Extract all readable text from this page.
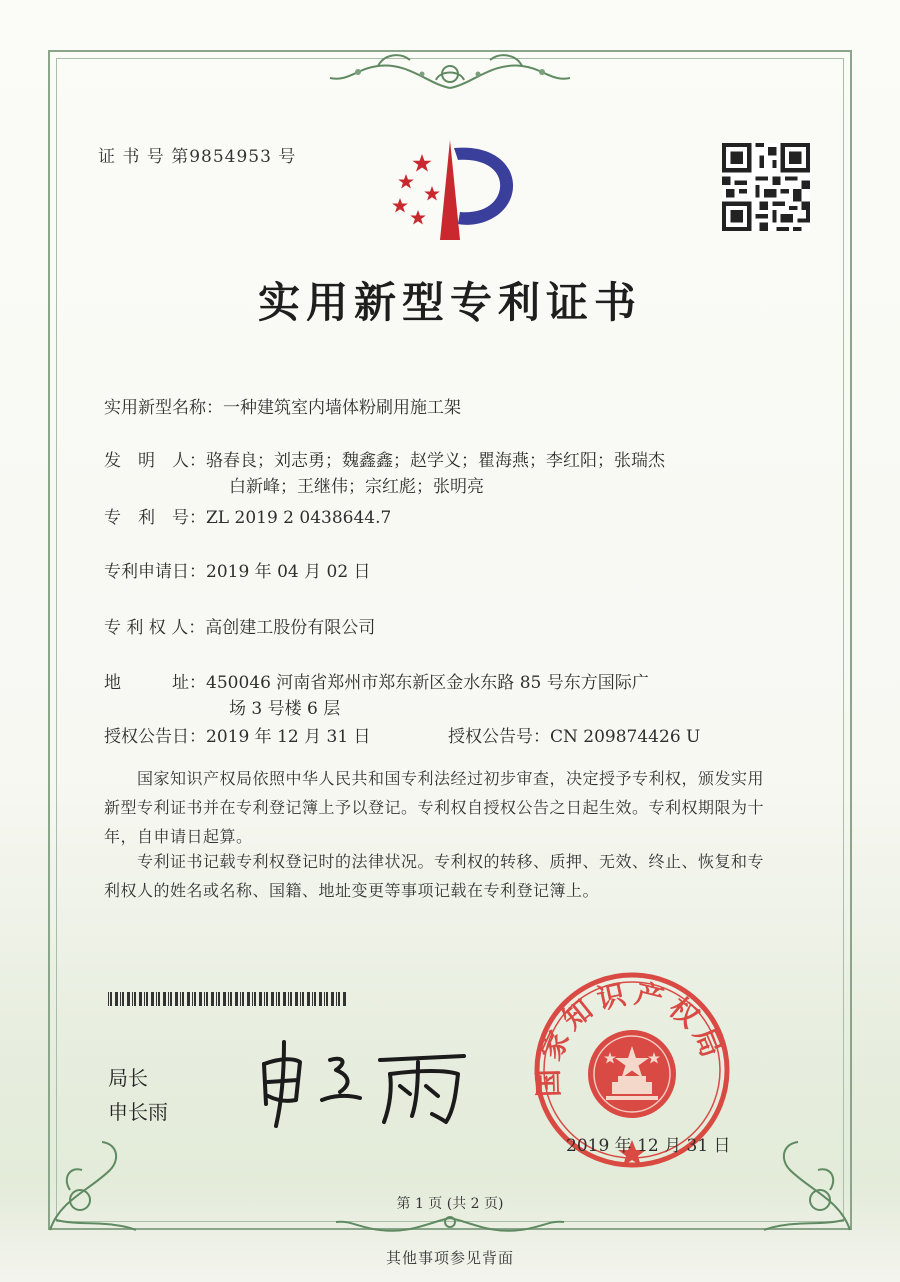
证 书 号 第9854953 号
实用新型专利证书
实用新型名称：一种建筑室内墙体粉刷用施工架
发　明　人：骆春良；刘志勇；魏鑫鑫；赵学义；瞿海燕；李红阳；张瑞杰
白新峰；王继伟；宗红彪；张明亮
专　利　号：ZL 2019 2 0438644.7
专利申请日：2019 年 04 月 02 日
专 利 权 人：高创建工股份有限公司
地　　　址：450046 河南省郑州市郑东新区金水东路 85 号东方国际广
场 3 号楼 6 层
授权公告日：2019 年 12 月 31 日	授权公告号：CN 209874426 U
　　国家知识产权局依照中华人民共和国专利法经过初步审查，决定授予专利权，颁发实用
新型专利证书并在专利登记簿上予以登记。专利权自授权公告之日起生效。专利权期限为十
年，自申请日起算。
　　专利证书记载专利权登记时的法律状况。专利权的转移、质押、无效、终止、恢复和专
利权人的姓名或名称、国籍、地址变更等事项记载在专利登记簿上。
局长
申长雨
国家知识产权局
2019 年 12 月 31 日
第 1 页 (共 2 页)
其他事项参见背面
